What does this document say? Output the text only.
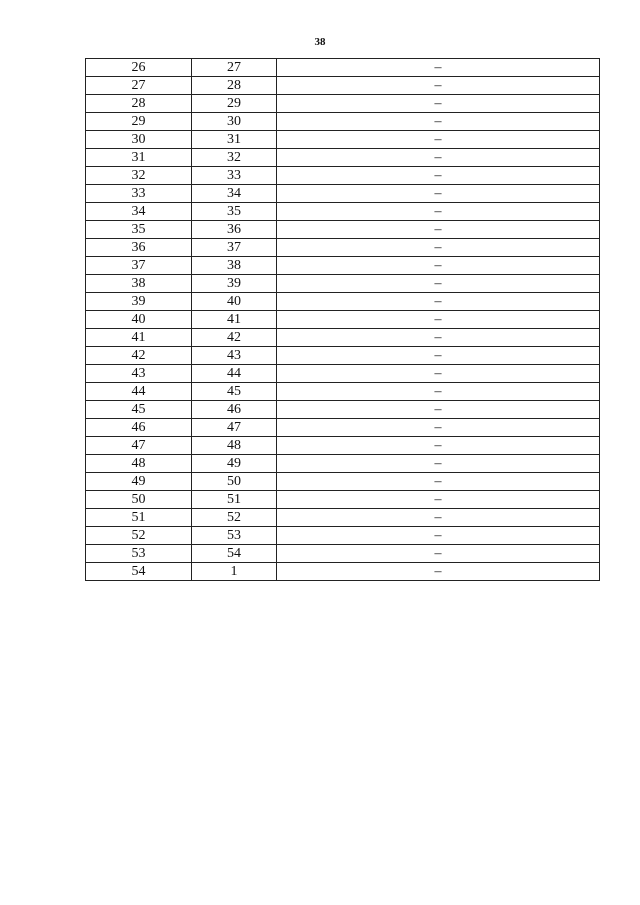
38
26	27	–
27	28	–
28	29	–
29	30	–
30	31	–
31	32	–
32	33	–
33	34	–
34	35	–
35	36	–
36	37	–
37	38	–
38	39	–
39	40	–
40	41	–
41	42	–
42	43	–
43	44	–
44	45	–
45	46	–
46	47	–
47	48	–
48	49	–
49	50	–
50	51	–
51	52	–
52	53	–
53	54	–
54	1	–
